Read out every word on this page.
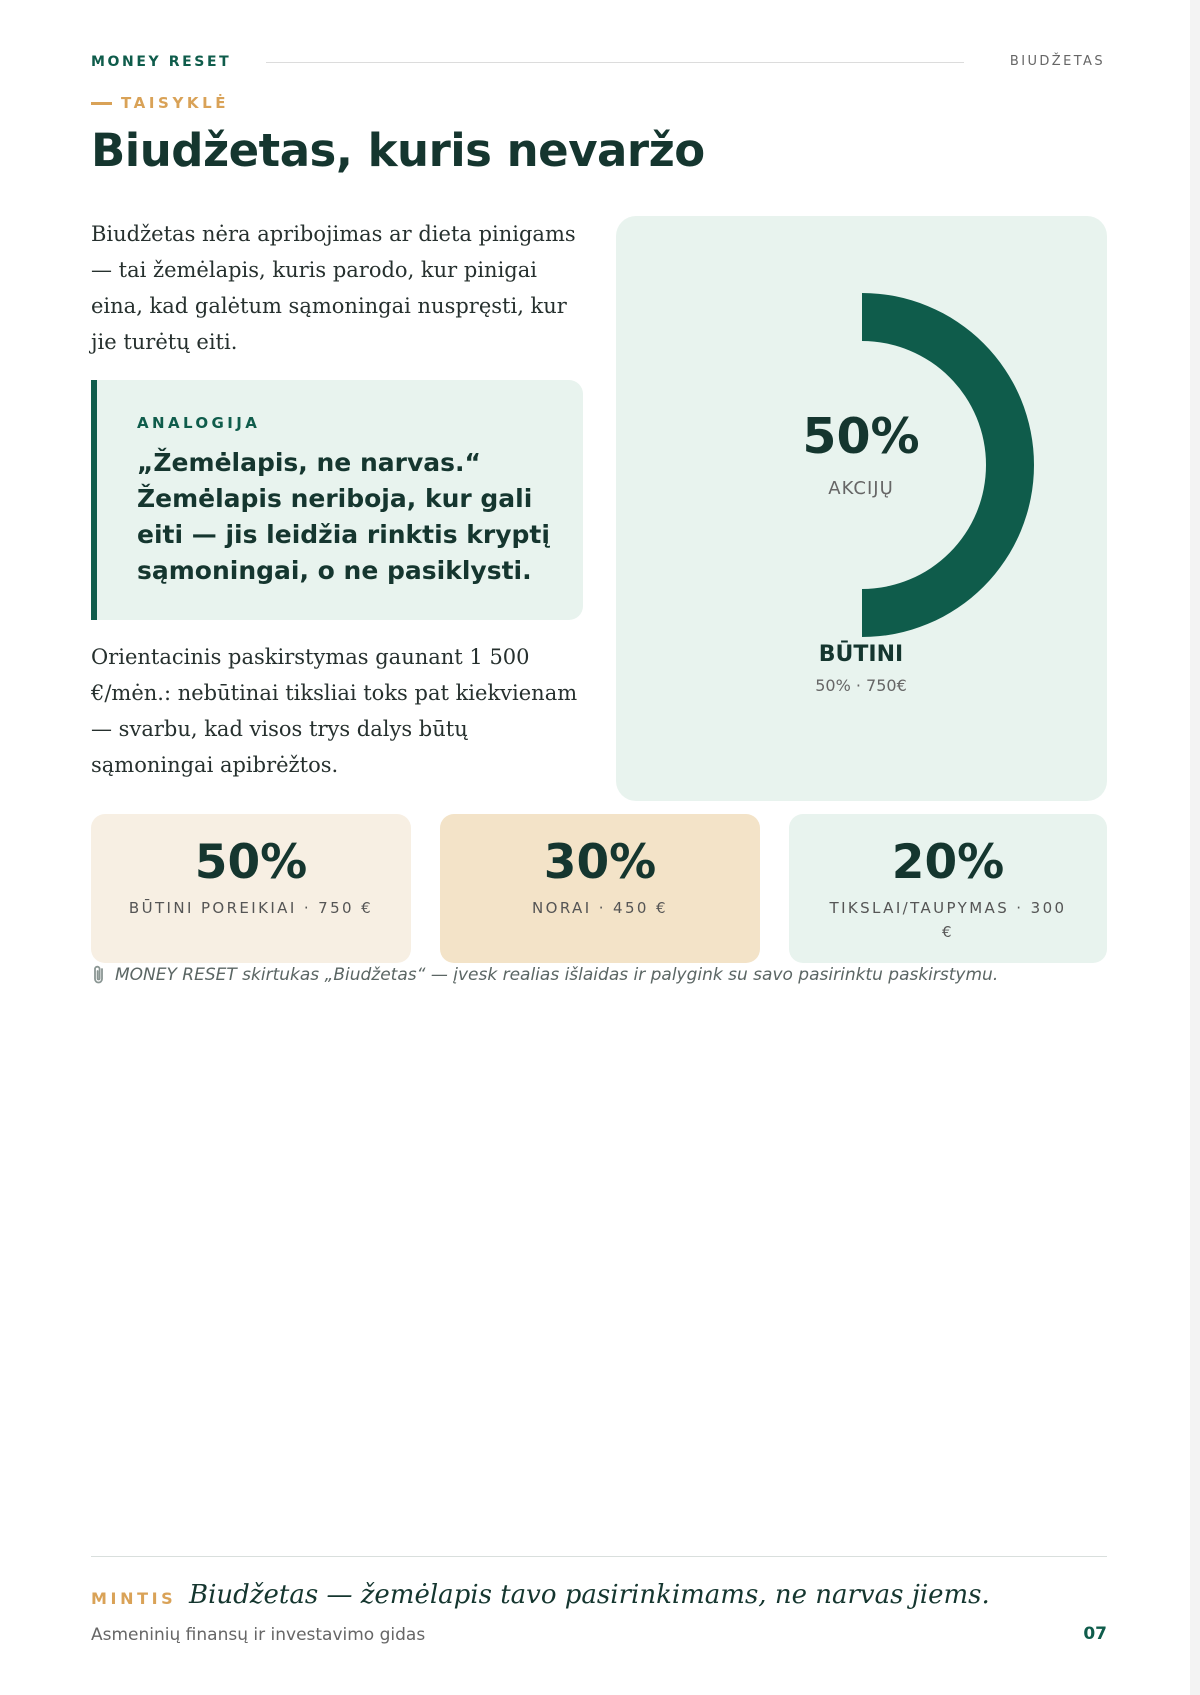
MONEY RESET	BIUDŽETAS
TAISYKLĖ
Biudžetas, kuris nevaržo

Biudžetas nėra apribojimas ar dieta pinigams — tai žemėlapis, kuris parodo, kur pinigai eina, kad galėtum sąmoningai nuspręsti, kur jie turėtų eiti.

ANALOGIJA
„Žemėlapis, ne narvas.“
Žemėlapis neriboja, kur gali eiti — jis leidžia rinktis kryptį sąmoningai, o ne pasiklysti.

Orientacinis paskirstymas gaunant 1 500 €/mėn.: nebūtinai tiksliai toks pat kiekvienam — svarbu, kad visos trys dalys būtų sąmoningai apibrėžtos.

50%
AKCIJŲ
BŪTINI
50% · 750€
50%
BŪTINI POREIKIAI · 750 €
30%
NORAI · 450 €
20%
TIKSLAI/TAUPYMAS · 300 €
MONEY RESET skirtukas „Biudžetas“ — įvesk realias išlaidas ir palygink su savo pasirinktu paskirstymu.
MINTIS Biudžetas — žemėlapis tavo pasirinkimams, ne narvas jiems.
Asmeninių finansų ir investavimo gidas	07
